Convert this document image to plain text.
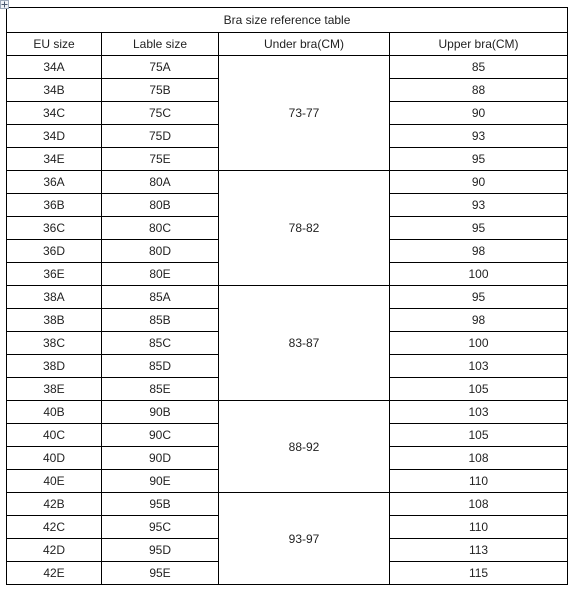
Bra size reference table			
EU size	Lable size	Under bra(CM)	Upper bra(CM)
34A	75A	73-77	85
34B	75B		88
34C	75C		90
34D	75D		93
34E	75E		95
36A	80A	78-82	90
36B	80B		93
36C	80C		95
36D	80D		98
36E	80E		100
38A	85A	83-87	95
38B	85B		98
38C	85C		100
38D	85D		103
38E	85E		105
40B	90B	88-92	103
40C	90C		105
40D	90D		108
40E	90E		110
42B	95B	93-97	108
42C	95C		110
42D	95D		113
42E	95E		115
